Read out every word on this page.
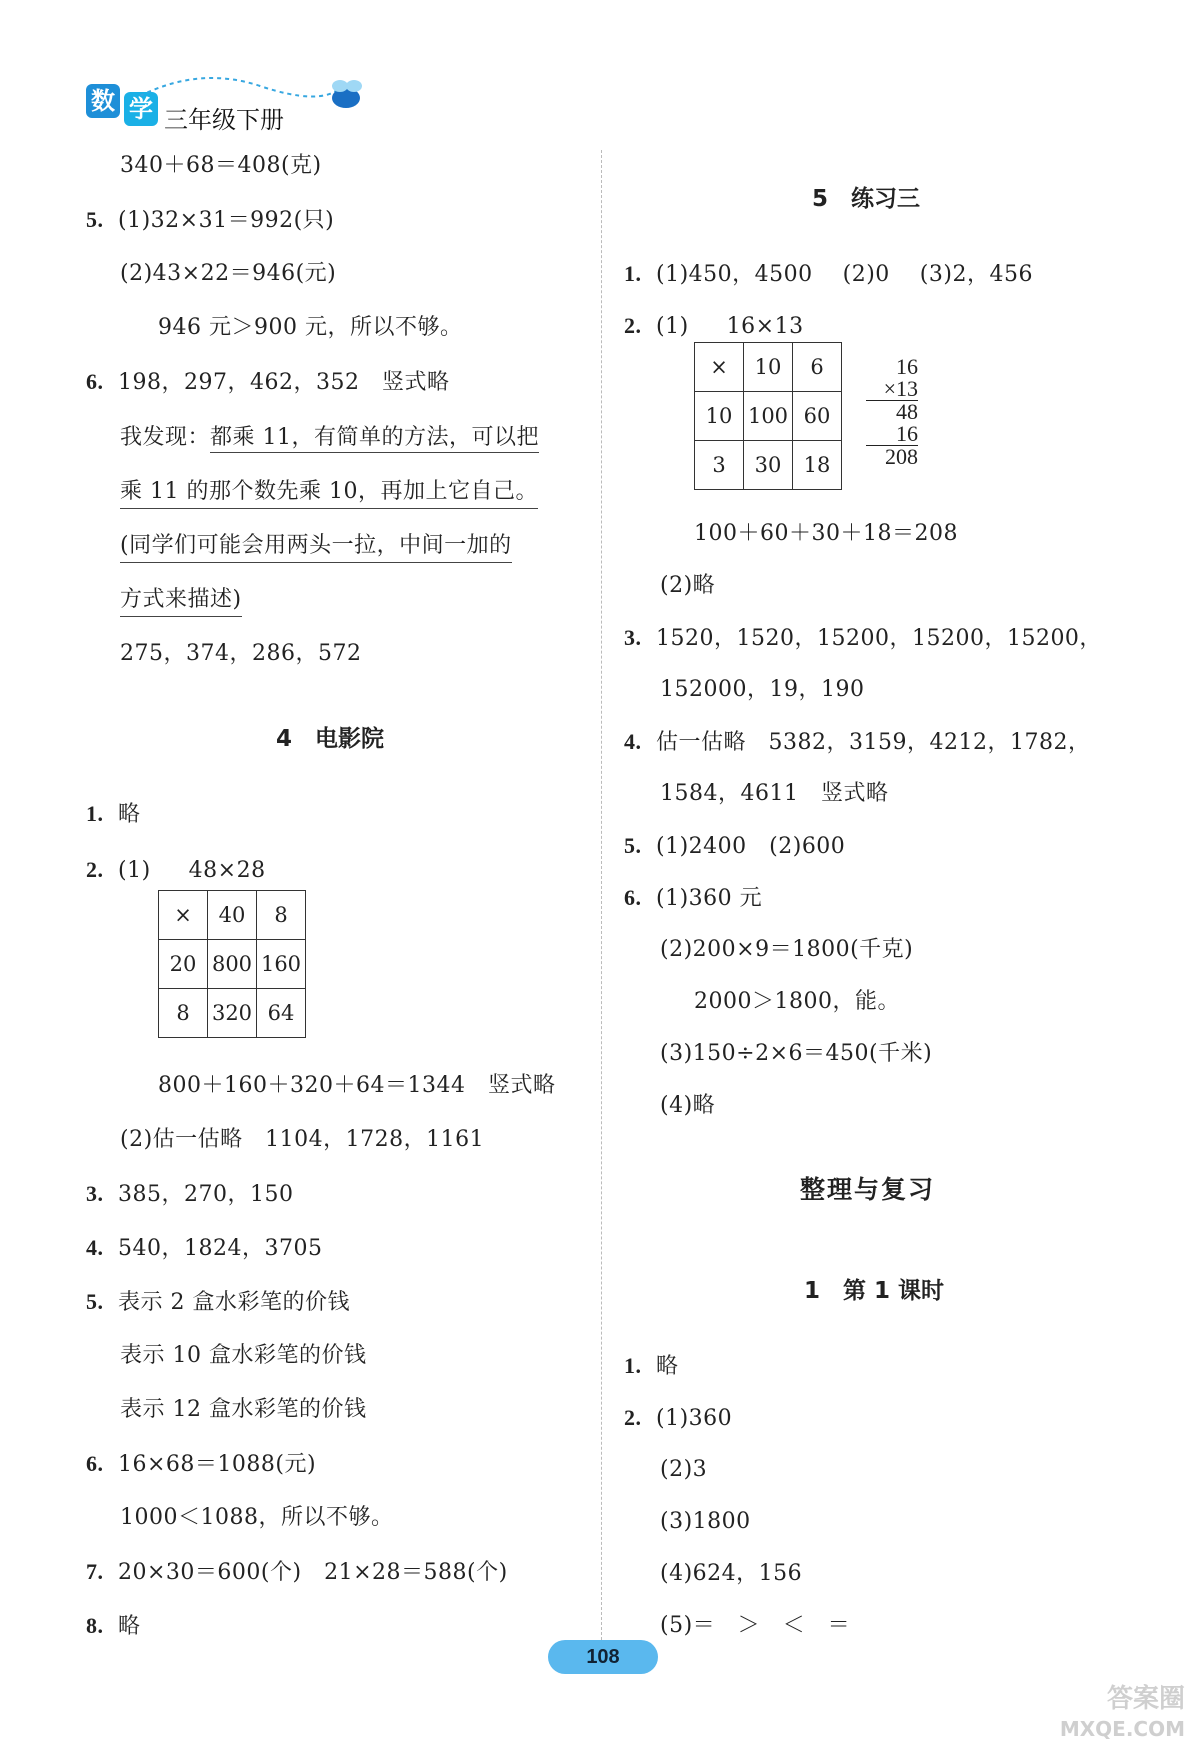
数 学 三年级下册
340＋68＝408(克)
5. (1)32×31＝992(只)
(2)43×22＝946(元)
946 元＞900 元，所以不够。
6. 198，297，462，352　竖式略
我发现：都乘 11，有简单的方法，可以把
乘 11 的那个数先乘 10，再加上它自己。
(同学们可能会用两头一拉，中间一加的
方式来描述)
275，374，286，572
4　电影院
1. 略
2. (1) 48×28
×	40	8
20	800	160
8	320	64
800＋160＋320＋64＝1344　竖式略
(2)估一估略　1104，1728，1161
3. 385，270，150
4. 540，1824，3705
5. 表示 2 盒水彩笔的价钱
表示 10 盒水彩笔的价钱
表示 12 盒水彩笔的价钱
6. 16×68＝1088(元)
1000＜1088，所以不够。
7. 20×30＝600(个)　21×28＝588(个)
8. 略
5　练习三
1. (1)450，4500　 (2)0　 (3)2，456
2. (1) 16×13
×	10	6
10	100	60
3	30	18
16
×13
48
16
208
100＋60＋30＋18＝208
(2)略
3. 1520，1520，15200，15200，15200，
152000，19，190
4. 估一估略　5382，3159，4212，1782，
1584，4611　竖式略
5. (1)2400　(2)600
6. (1)360 元
(2)200×9＝1800(千克)
2000＞1800，能。
(3)150÷2×6＝450(千米)
(4)略
整理与复习
1　第 1 课时
1. 略
2. (1)360
(2)3
(3)1800
(4)624，156
(5)＝　＞　＜　＝
108
答案圈
MXQE.COM
